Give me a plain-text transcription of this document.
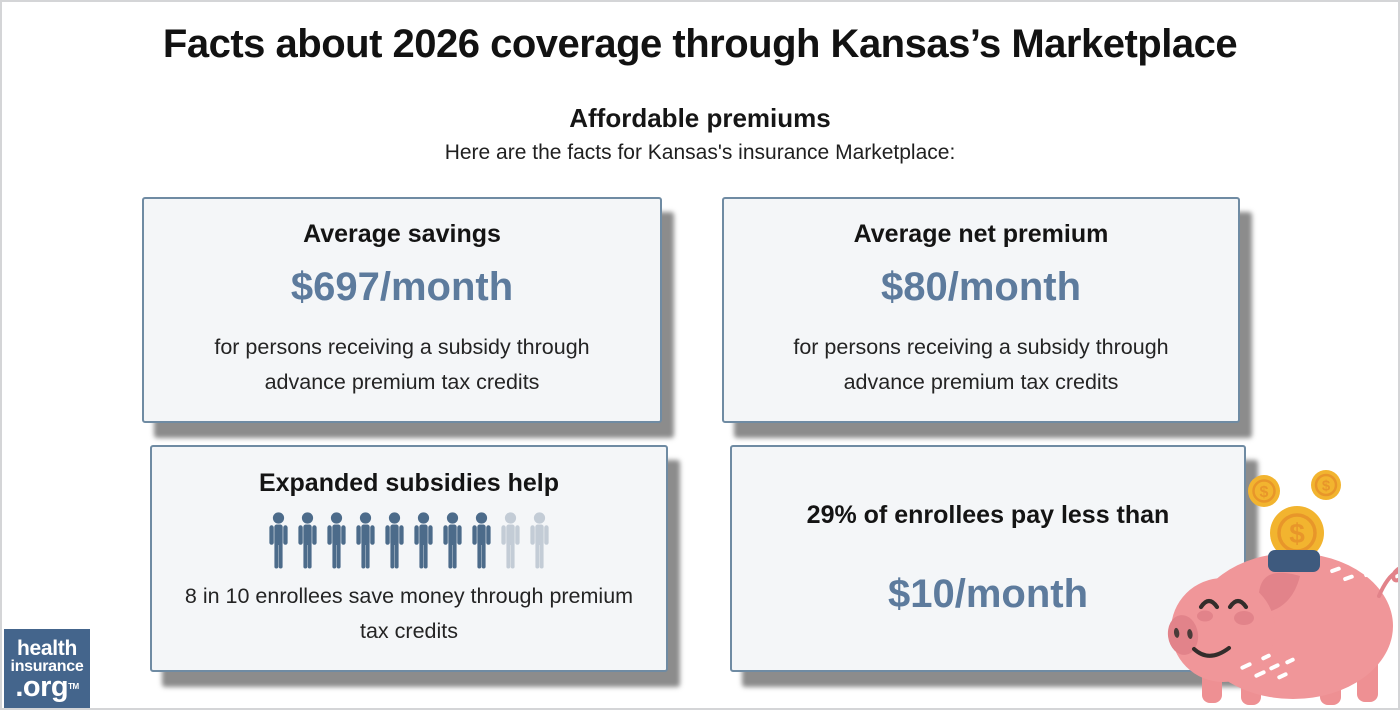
Facts about 2026 coverage through Kansas’s Marketplace
Affordable premiums
Here are the facts for Kansas's insurance Marketplace:
Average savings
$697/month
for persons receiving a subsidy through advance premium tax credits
Average net premium
$80/month
for persons receiving a subsidy through advance premium tax credits
Expanded subsidies help
8 in 10 enrollees save money through premium tax credits
29% of enrollees pay less than
$10/month
$	$
$
health
insurance
.org™
